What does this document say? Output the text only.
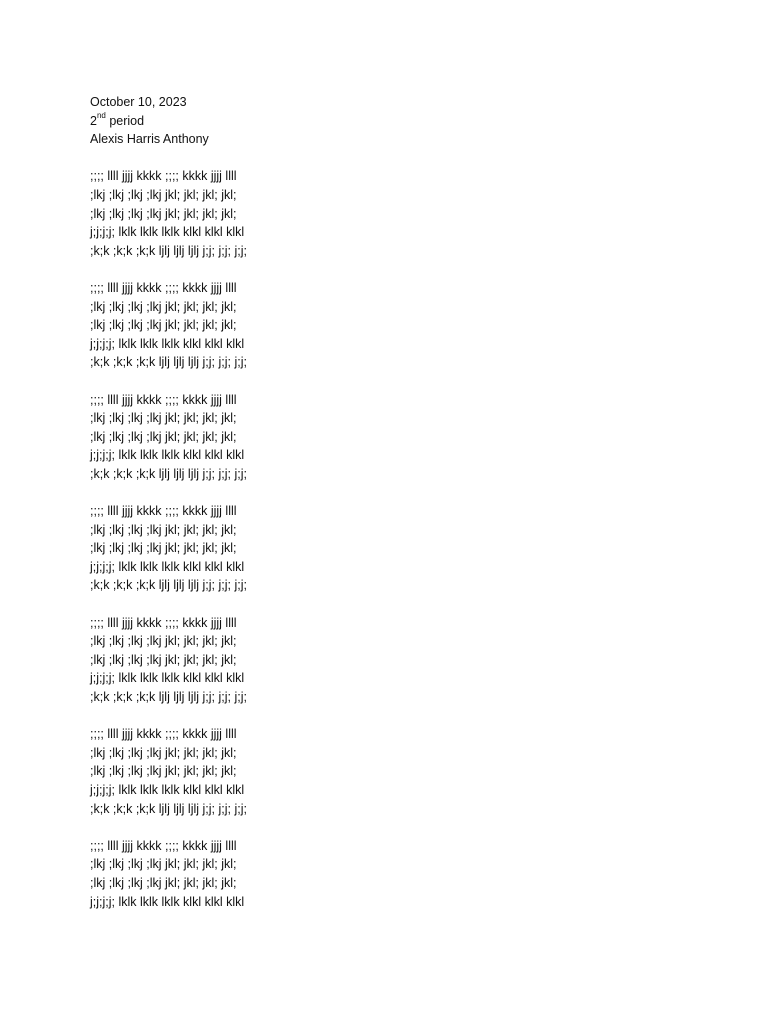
October 10, 2023
2nd period
Alexis Harris Anthony
;;;; llll jjjj kkkk ;;;; kkkk jjjj llll
;lkj ;lkj ;lkj ;lkj jkl; jkl; jkl; jkl;
;lkj ;lkj ;lkj ;lkj jkl; jkl; jkl; jkl;
j;j;j;j; lklk lklk lklk klkl klkl klkl
;k;k ;k;k ;k;k ljlj ljlj ljlj j;j; j;j; j;j;
;;;; llll jjjj kkkk ;;;; kkkk jjjj llll
;lkj ;lkj ;lkj ;lkj jkl; jkl; jkl; jkl;
;lkj ;lkj ;lkj ;lkj jkl; jkl; jkl; jkl;
j;j;j;j; lklk lklk lklk klkl klkl klkl
;k;k ;k;k ;k;k ljlj ljlj ljlj j;j; j;j; j;j;
;;;; llll jjjj kkkk ;;;; kkkk jjjj llll
;lkj ;lkj ;lkj ;lkj jkl; jkl; jkl; jkl;
;lkj ;lkj ;lkj ;lkj jkl; jkl; jkl; jkl;
j;j;j;j; lklk lklk lklk klkl klkl klkl
;k;k ;k;k ;k;k ljlj ljlj ljlj j;j; j;j; j;j;
;;;; llll jjjj kkkk ;;;; kkkk jjjj llll
;lkj ;lkj ;lkj ;lkj jkl; jkl; jkl; jkl;
;lkj ;lkj ;lkj ;lkj jkl; jkl; jkl; jkl;
j;j;j;j; lklk lklk lklk klkl klkl klkl
;k;k ;k;k ;k;k ljlj ljlj ljlj j;j; j;j; j;j;
;;;; llll jjjj kkkk ;;;; kkkk jjjj llll
;lkj ;lkj ;lkj ;lkj jkl; jkl; jkl; jkl;
;lkj ;lkj ;lkj ;lkj jkl; jkl; jkl; jkl;
j;j;j;j; lklk lklk lklk klkl klkl klkl
;k;k ;k;k ;k;k ljlj ljlj ljlj j;j; j;j; j;j;
;;;; llll jjjj kkkk ;;;; kkkk jjjj llll
;lkj ;lkj ;lkj ;lkj jkl; jkl; jkl; jkl;
;lkj ;lkj ;lkj ;lkj jkl; jkl; jkl; jkl;
j;j;j;j; lklk lklk lklk klkl klkl klkl
;k;k ;k;k ;k;k ljlj ljlj ljlj j;j; j;j; j;j;
;;;; llll jjjj kkkk ;;;; kkkk jjjj llll
;lkj ;lkj ;lkj ;lkj jkl; jkl; jkl; jkl;
;lkj ;lkj ;lkj ;lkj jkl; jkl; jkl; jkl;
j;j;j;j; lklk lklk lklk klkl klkl klkl
